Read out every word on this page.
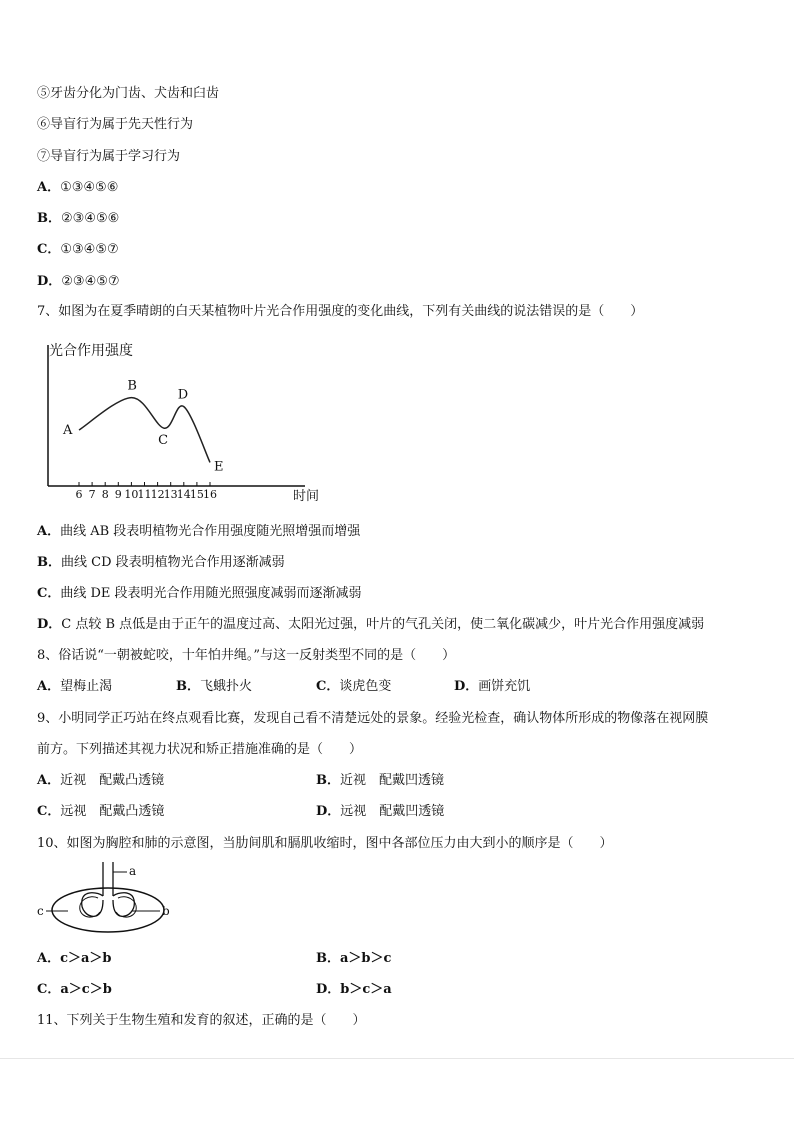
⑤牙齿分化为门齿、犬齿和臼齿
⑥导盲行为属于先天性行为
⑦导盲行为属于学习行为
A．①③④⑤⑥
B．②③④⑤⑥
C．①③④⑤⑦
D．②③④⑤⑦
7、如图为在夏季晴朗的白天某植物叶片光合作用强度的变化曲线，下列有关曲线的说法错误的是（　　）
6 7 8 9 10 11 12 13 14 15 16
A
B
C
D
E
光合作用强度
时间
A．曲线 AB 段表明植物光合作用强度随光照增强而增强
B．曲线 CD 段表明植物光合作用逐渐减弱
C．曲线 DE 段表明光合作用随光照强度减弱而逐渐减弱
D．C 点较 B 点低是由于正午的温度过高、太阳光过强，叶片的气孔关闭，使二氧化碳减少，叶片光合作用强度减弱
8、俗话说“一朝被蛇咬，十年怕井绳。”与这一反射类型不同的是（　　）
A．望梅止渴	B．飞蛾扑火	C．谈虎色变	D．画饼充饥
9、小明同学正巧站在终点观看比赛，发现自己看不清楚远处的景象。经验光检查，确认物体所形成的物像落在视网膜
前方。下列描述其视力状况和矫正措施准确的是（　　）
A．近视　配戴凸透镜	B．近视　配戴凹透镜
C．远视　配戴凸透镜	D．远视　配戴凹透镜
10、如图为胸腔和肺的示意图，当肋间肌和膈肌收缩时，图中各部位压力由大到小的顺序是（　　）
a
b
c
A．c＞a＞b	B．a＞b＞c
C．a＞c＞b	D．b＞c＞a
11、下列关于生物生殖和发育的叙述，正确的是（　　）
